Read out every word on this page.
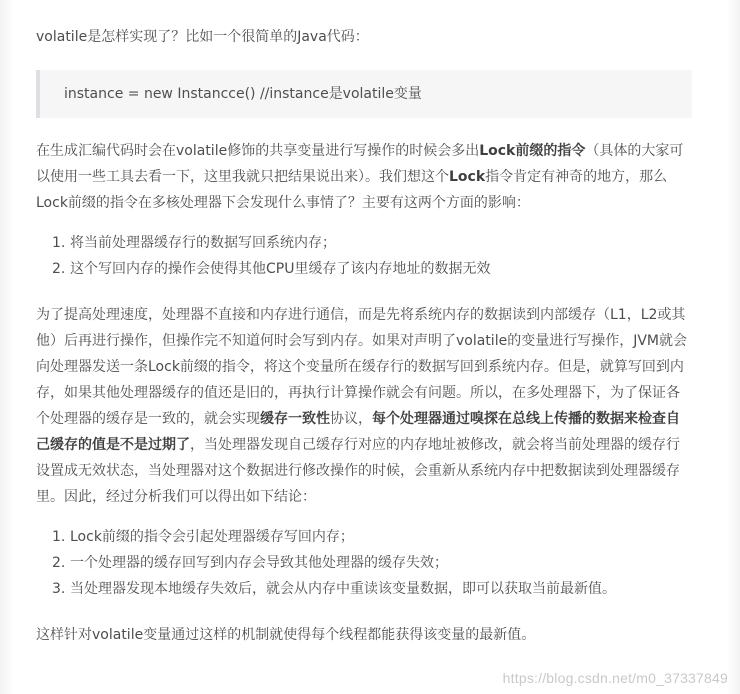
volatile是怎样实现了？比如一个很简单的Java代码：

instance = new Instancce() //instance是volatile变量

在生成汇编代码时会在volatile修饰的共享变量进行写操作的时候会多出Lock前缀的指令（具体的大家可以使用一些工具去看一下，这里我就只把结果说出来）。我们想这个Lock指令肯定有神奇的地方，那么Lock前缀的指令在多核处理器下会发现什么事情了？主要有这两个方面的影响：

1. 将当前处理器缓存行的数据写回系统内存；
2. 这个写回内存的操作会使得其他CPU里缓存了该内存地址的数据无效

为了提高处理速度，处理器不直接和内存进行通信，而是先将系统内存的数据读到内部缓存（L1，L2或其他）后再进行操作，但操作完不知道何时会写到内存。如果对声明了volatile的变量进行写操作，JVM就会向处理器发送一条Lock前缀的指令，将这个变量所在缓存行的数据写回到系统内存。但是，就算写回到内存，如果其他处理器缓存的值还是旧的，再执行计算操作就会有问题。所以，在多处理器下，为了保证各个处理器的缓存是一致的，就会实现缓存一致性协议，每个处理器通过嗅探在总线上传播的数据来检查自己缓存的值是不是过期了，当处理器发现自己缓存行对应的内存地址被修改，就会将当前处理器的缓存行设置成无效状态，当处理器对这个数据进行修改操作的时候，会重新从系统内存中把数据读到处理器缓存里。因此，经过分析我们可以得出如下结论：

1. Lock前缀的指令会引起处理器缓存写回内存；
2. 一个处理器的缓存回写到内存会导致其他处理器的缓存失效；
3. 当处理器发现本地缓存失效后，就会从内存中重读该变量数据，即可以获取当前最新值。

这样针对volatile变量通过这样的机制就使得每个线程都能获得该变量的最新值。

https://blog.csdn.net/m0_37337849
